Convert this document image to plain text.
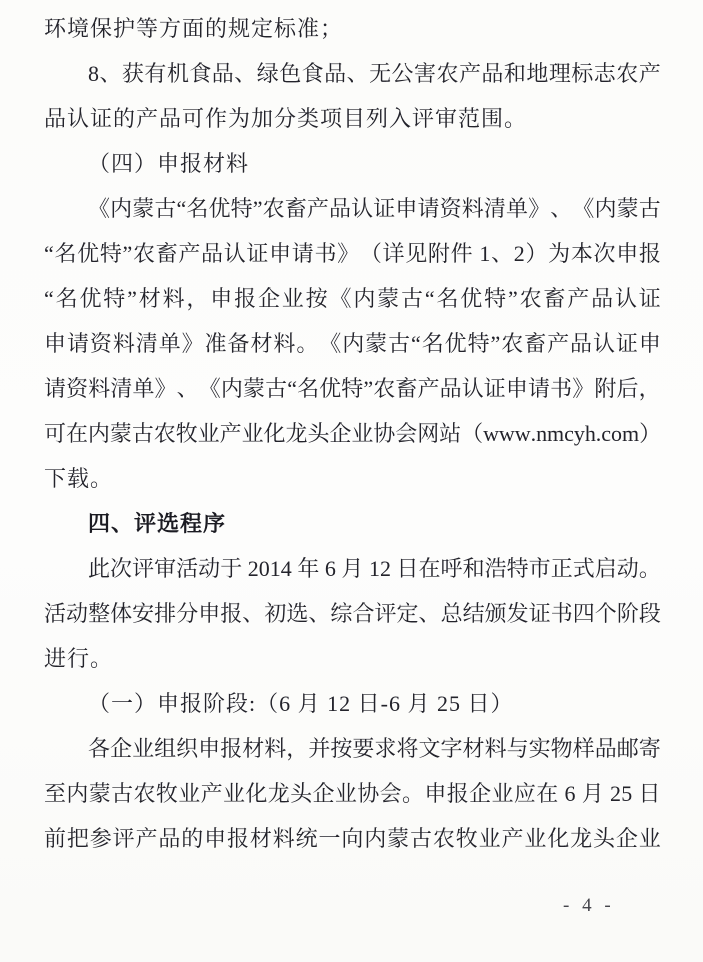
环境保护等方面的规定标准；
8 、 获 有 机 食 品 、 绿 色 食 品 、 无 公 害 农 产 品 和 地 理 标 志 农 产
品认证的产品可作为加分类项目列入评审范围。
（四）申报材料
《 内 蒙 古 “ 名 优 特 ” 农 畜 产 品 认 证 申 请 资 料 清 单 》 、 《 内 蒙 古
“ 名 优 特 ” 农 畜 产 品 认 证 申 请 书 》 （ 详 见 附 件
1 、 2 ） 为 本 次 申 报
“ 名 优 特 ” 材 料 ， 申 报 企 业 按 《 内 蒙 古 “ 名 优 特 ” 农 畜 产 品 认 证
申 请 资 料 清 单 》 准 备 材 料 。 《 内 蒙 古 “ 名 优 特 ” 农 畜 产 品 认 证 申
请 资 料 清 单 》 、 《 内 蒙 古 “ 名 优 特 ” 农 畜 产 品 认 证 申 请 书 》 附 后 ，
可 在 内 蒙 古 农 牧 业 产 业 化 龙 头 企 业 协 会 网 站 （ w w w . n m c y h . c o m ）
下载。
四、评选程序
此 次 评 审 活 动 于
2 0 1 4
年
6
月
1 2
日 在 呼 和 浩 特 市 正 式 启 动 。
活 动 整 体 安 排 分 申 报 、 初 选 、 综 合 评 定 、 总 结 颁 发 证 书 四 个 阶 段
进行。
（一）申报阶段:（6 月 12 日-6 月 25 日）
各 企 业 组 织 申 报 材 料 ， 并 按 要 求 将 文 字 材 料 与 实 物 样 品 邮 寄
至 内 蒙 古 农 牧 业 产 业 化 龙 头 企 业 协 会 。 申 报 企 业 应 在
6
月
2 5
日
前 把 参 评 产 品 的 申 报 材 料 统 一 向 内 蒙 古 农 牧 业 产 业 化 龙 头 企 业
- 4 -
